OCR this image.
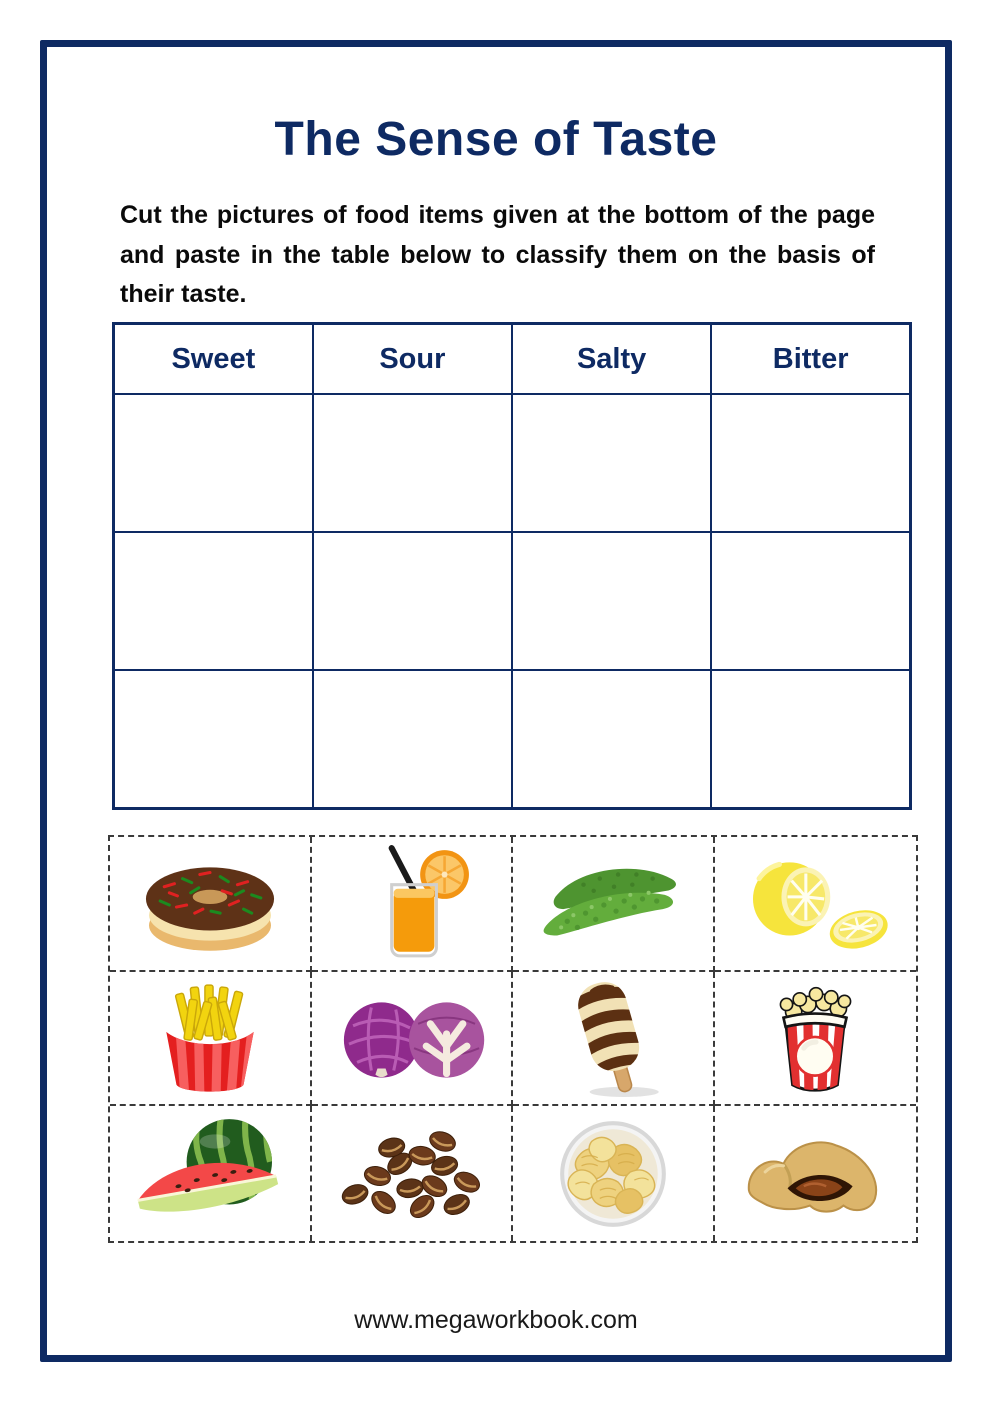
The Sense of Taste

Cut the pictures of food items given at the bottom of the page and paste in the table below to classify them on the basis of their taste.

Sweet	Sour	Salty	Bitter

www.megaworkbook.com
